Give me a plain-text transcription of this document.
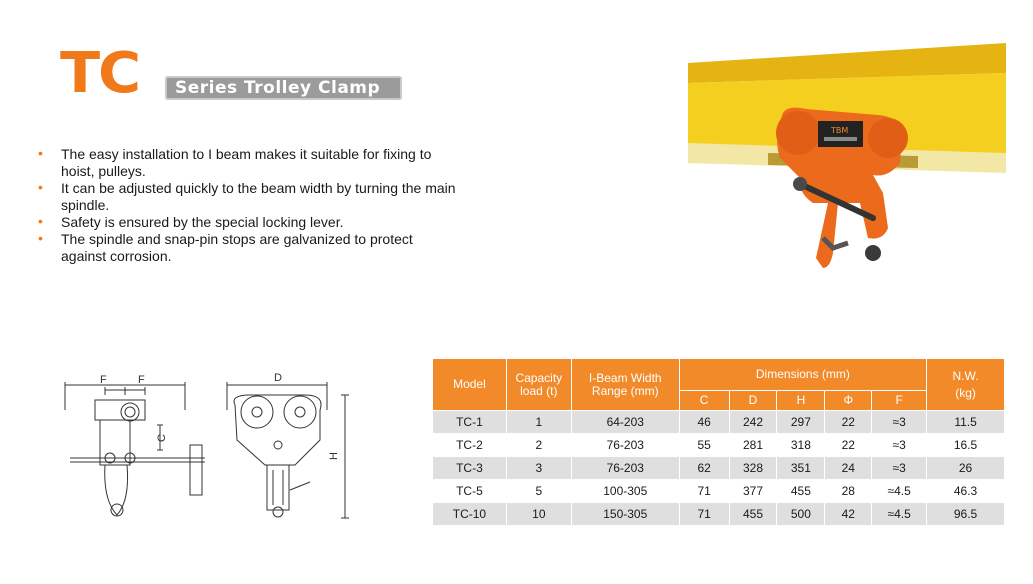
TC Series Trolley Clamp
• The easy installation to I beam makes it suitable for fixing to hoist, pulleys.
• It can be adjusted quickly to the beam width by turning the main spindle.
• Safety is ensured by the special locking lever.
• The spindle and snap-pin stops are galvanized to protect against corrosion.
TBM
F	F
C
D
H
Model	Capacity load (t)	I-Beam Width Range (mm)	Dimensions (mm)					N.W. (kg)
			C	D	H	Φ	F	
TC-1	1	64-203	46	242	297	22	≈3	11.5
TC-2	2	76-203	55	281	318	22	≈3	16.5
TC-3	3	76-203	62	328	351	24	≈3	26
TC-5	5	100-305	71	377	455	28	≈4.5	46.3
TC-10	10	150-305	71	455	500	42	≈4.5	96.5
